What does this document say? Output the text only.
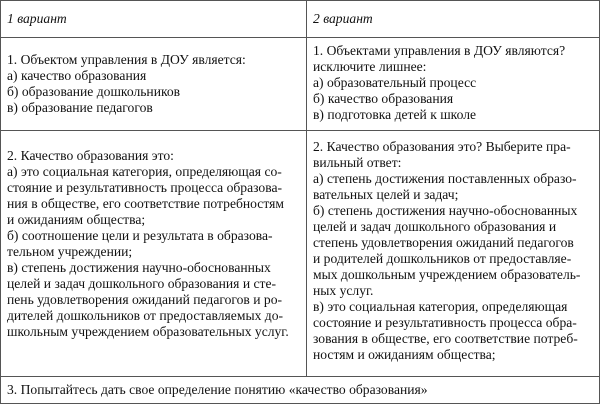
1 вариант	2 вариант
1. Объектом управления в ДОУ является:
а) качество образования
б) образование дошкольников
в) образование педагогов
1. Объектами управления в ДОУ являются?
исключите лишнее:
а) образовательный процесс
б) качество образования
в) подготовка детей к школе
2. Качество образования это:
а) это социальная категория, определяющая со-
стояние и результативность процесса образова-
ния в обществе, его соответствие потребностям
и ожиданиям общества;
б) соотношение цели и результата в образова-
тельном учреждении;
в) степень достижения научно-обоснованных
целей и задач дошкольного образования и сте-
пень удовлетворения ожиданий педагогов и ро-
дителей дошкольников от предоставляемых до-
школьным учреждением образовательных услуг.
2. Качество образования это? Выберите пра-
вильный ответ:
а) степень достижения поставленных образо-
вательных целей и задач;
б) степень достижения научно-обоснованных
целей и задач дошкольного образования и
степень удовлетворения ожиданий педагогов
и родителей дошкольников от предоставляе-
мых дошкольным учреждением образователь-
ных услуг.
в) это социальная категория, определяющая
состояние и результативность процесса обра-
зования в обществе, его соответствие потреб-
ностям и ожиданиям общества;
3. Попытайтесь дать свое определение понятию «качество образования»
